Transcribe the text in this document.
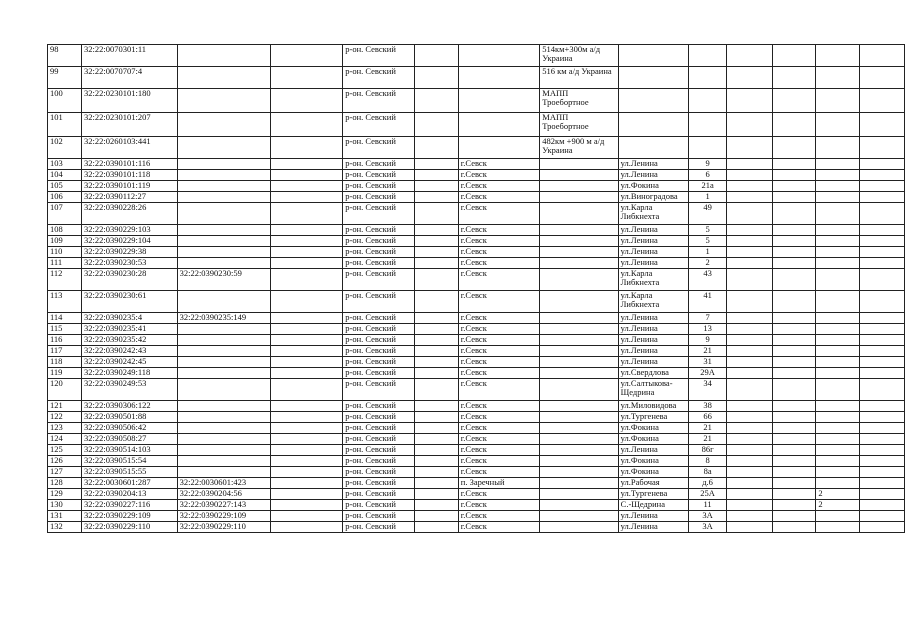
98	32:22:0070301:11			р-он. Севский			514км+300м а/д
Украина						
99	32:22:0070707:4			р-он. Севский			516 км а/д Украина						
100	32:22:0230101:180			р-он. Севский			МАПП Троебортное						
101	32:22:0230101:207			р-он. Севский			МАПП Троебортное						
102	32:22:0260103:441			р-он. Севский			482км +900 м а/д
Украина						
103	32:22:0390101:116			р-он. Севский		г.Севск		ул.Ленина	9				
104	32:22:0390101:118			р-он. Севский		г.Севск		ул.Ленина	6				
105	32:22:0390101:119			р-он. Севский		г.Севск		ул.Фокина	21а				
106	32:22:0390112:27			р-он. Севский		г.Севск		ул.Виноградова	1				
107	32:22:0390228:26			р-он. Севский		г.Севск		ул.Карла Либкнехта	49				
108	32:22:0390229:103			р-он. Севский		г.Севск		ул.Ленина	5				
109	32:22:0390229:104			р-он. Севский		г.Севск		ул.Ленина	5				
110	32:22:0390229:38			р-он. Севский		г.Севск		ул.Ленина	1				
111	32:22:0390230:53			р-он. Севский		г.Севск		ул.Ленина	2				
112	32:22:0390230:28	32:22:0390230:59		р-он. Севский		г.Севск		ул.Карла Либкнехта	43				
113	32:22:0390230:61			р-он. Севский		г.Севск		ул.Карла Либкнехта	41				
114	32:22:0390235:4	32:22:0390235:149		р-он. Севский		г.Севск		ул.Ленина	7				
115	32:22:0390235:41			р-он. Севский		г.Севск		ул.Ленина	13				
116	32:22:0390235:42			р-он. Севский		г.Севск		ул.Ленина	9				
117	32:22:0390242:43			р-он. Севский		г.Севск		ул.Ленина	21				
118	32:22:0390242:45			р-он. Севский		г.Севск		ул.Ленина	31				
119	32:22:0390249:118			р-он. Севский		г.Севск		ул.Свердлова	29А				
120	32:22:0390249:53			р-он. Севский		г.Севск		ул.Салтыкова-
Щедрина	34				
121	32:22:0390306:122			р-он. Севский		г.Севск		ул.Миловидова	38				
122	32:22:0390501:88			р-он. Севский		г.Севск		ул.Тургенева	66				
123	32:22:0390506:42			р-он. Севский		г.Севск		ул.Фокина	21				
124	32:22:0390508:27			р-он. Севский		г.Севск		ул.Фокина	21				
125	32:22:0390514:103			р-он. Севский		г.Севск		ул.Ленина	86г				
126	32:22:0390515:54			р-он. Севский		г.Севск		ул.Фокина	8				
127	32:22:0390515:55			р-он. Севский		г.Севск		ул.Фокина	8а				
128	32:22:0030601:287	32:22:0030601:423		р-он. Севский		п. Заречный		ул.Рабочая	д.6				
129	32:22:0390204:13	32:22:0390204:56		р-он. Севский		г.Севск		ул.Тургенева	25А			2	
130	32:22:0390227:116	32:22:0390227:143		р-он. Севский		г.Севск		С.-Щедрина	11			2	
131	32:22:0390229:109	32:22:0390229:109		р-он. Севский		г.Севск		ул.Ленина	3А				
132	32:22:0390229:110	32:22:0390229:110		р-он. Севский		г.Севск		ул.Ленина	3А				
